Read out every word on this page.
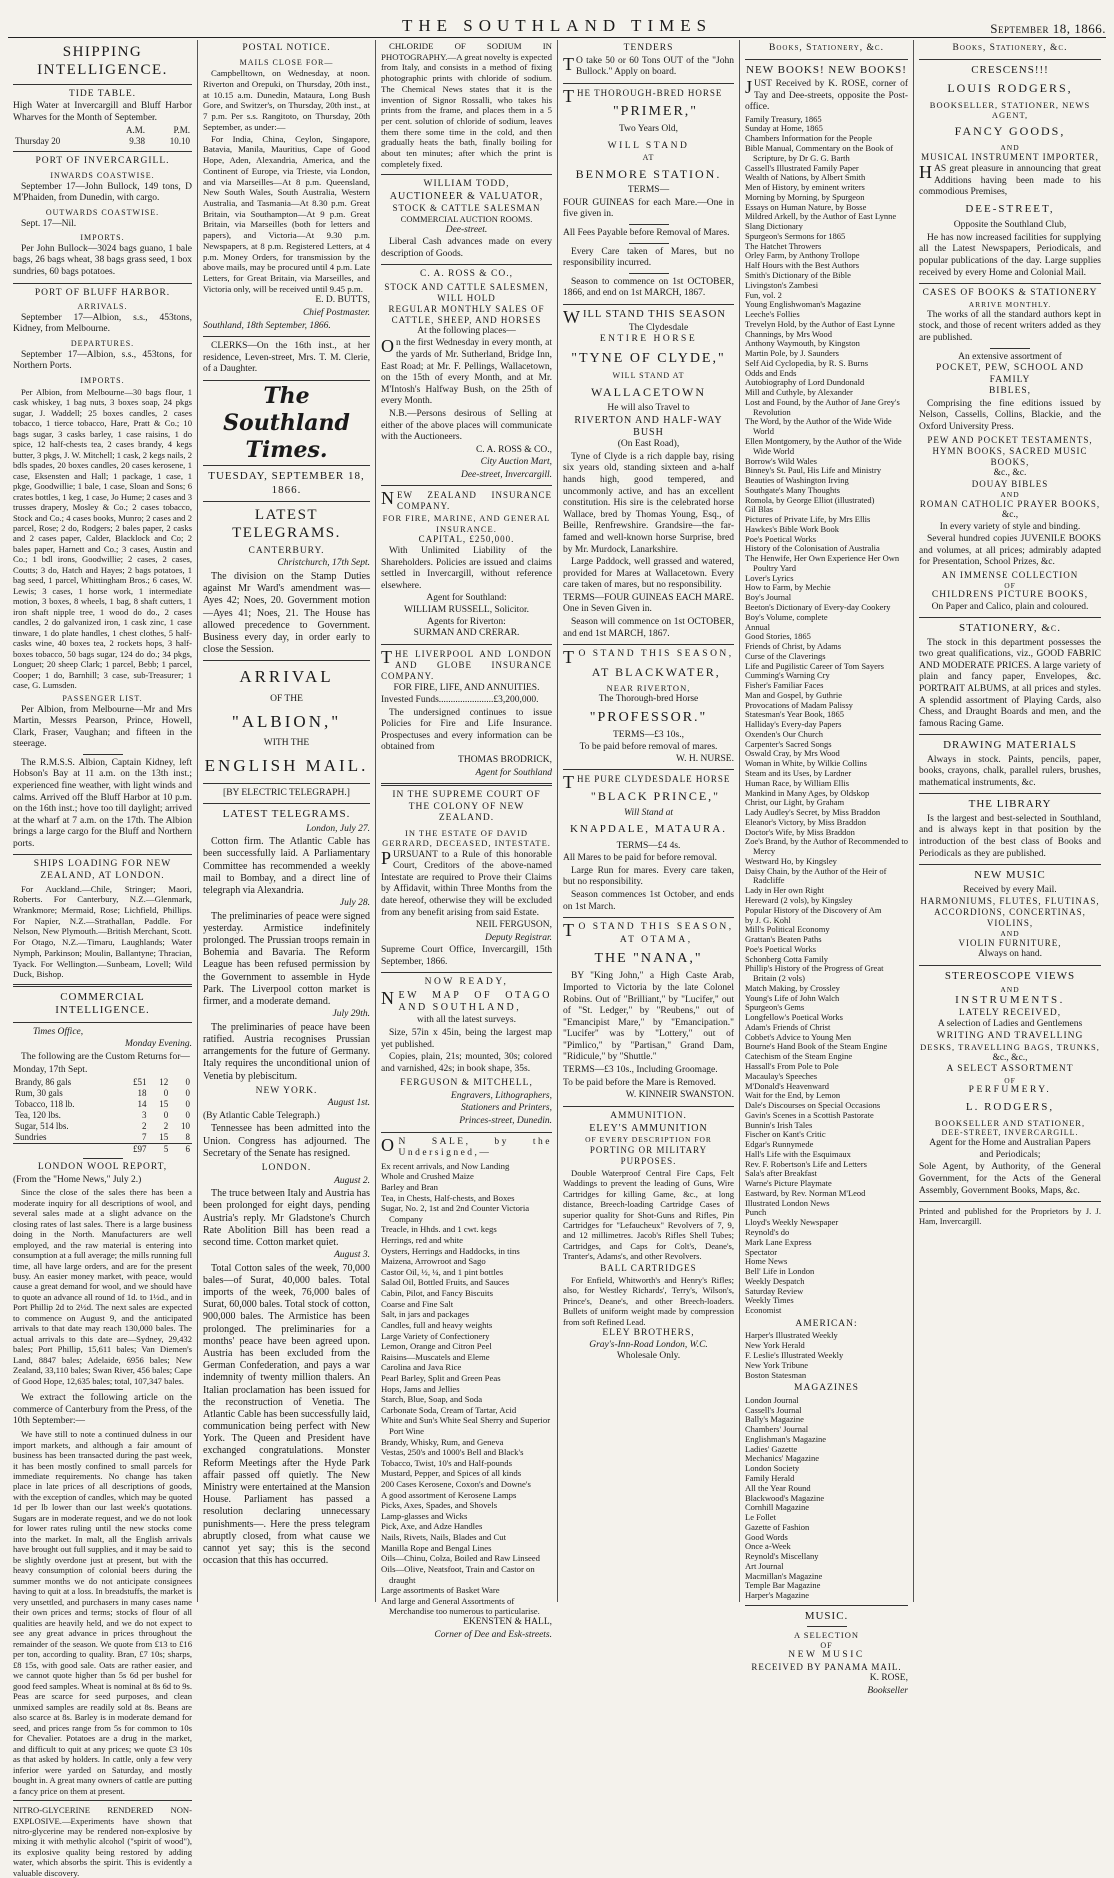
THE SOUTHLAND TIMES	September 18, 1866.
SHIPPING INTELLIGENCE.
TIDE TABLE.
High Water at Invercargill and Bluff Harbor Wharves for the Month of September.
	A.M.	P.M.
Thursday 20	9.38	10.10
PORT OF INVERCARGILL.
INWARDS COASTWISE.
September 17—John Bullock, 149 tons, D M'Phaiden, from Dunedin, with cargo.
OUTWARDS COASTWISE.
Sept. 17—Nil.
IMPORTS.
Per John Bullock—3024 bags guano, 1 bale bags, 26 bags wheat, 38 bags grass seed, 1 box sundries, 60 bags potatoes.
PORT OF BLUFF HARBOR.
ARRIVALS.
September 17—Albion, s.s., 453tons, Kidney, from Melbourne.
DEPARTURES.
September 17—Albion, s.s., 453tons, for Northern Ports.
IMPORTS.
Per Albion, from Melbourne—30 bags flour, 1 cask whiskey, 1 bag nuts, 3 boxes soap, 24 pkgs sugar, J. Waddell; 25 boxes candles, 2 cases tobacco, 1 tierce tobacco, Hare, Pratt & Co.; 10 bags sugar, 3 casks barley, 1 case raisins, 1 do spice, 12 half-chests tea, 2 cases brandy, 4 kegs butter, 3 pkgs, J. W. Mitchell; 1 cask, 2 kegs nails, 2 bdls spades, 20 boxes candles, 20 cases kerosene, 1 case, Eksensten and Hall; 1 package, 1 case, 1 pkge, Goodwillie; 1 bale, 1 case, Sloan and Sons; 6 crates bottles, 1 keg, 1 case, Jo Hume; 2 cases and 3 trusses drapery, Mosley & Co.; 2 cases tobacco, Stock and Co.; 4 cases books, Munro; 2 cases and 2 parcel, Rose; 2 do, Rodgers; 2 bales paper, 2 casks and 2 cases paper, Calder, Blacklock and Co; 2 bales paper, Harnett and Co.; 3 cases, Austin and Co.; 1 bdl irons, Goodwillie; 2 cases, 2 cases, Coutts; 3 do, Hatch and Hayes; 2 bags potatoes, 1 bag seed, 1 parcel, Whittingham Bros.; 6 cases, W. Lewis; 3 cases, 1 horse work, 1 intermediate motion, 3 boxes, 8 wheels, 1 bag, 8 shaft cutters, 1 iron shaft nipple tree, 1 wood do do., 2 cases candles, 2 do galvanized iron, 1 cask zinc, 1 case tinware, 1 do plate handles, 1 chest clothes, 5 half-casks wine, 40 boxes tea, 2 rockets hops, 3 half-boxes tobacco, 50 bags sugar, 124 do do.; 34 pkgs, Longuet; 20 sheep Clark; 1 parcel, Bebb; 1 parcel, Cooper; 1 do, Barnhill; 3 case, sub-Treasurer; 1 case, G. Lumsden.
PASSENGER LIST.
Per Albion, from Melbourne—Mr and Mrs Martin, Messrs Pearson, Prince, Howell, Clark, Fraser, Vaughan; and fifteen in the steerage.
The R.M.S.S. Albion, Captain Kidney, left Hobson's Bay at 11 a.m. on the 13th inst.; experienced fine weather, with light winds and calms. Arrived off the Bluff Harbor at 10 p.m. on the 16th inst.; hove too till daylight; arrived at the wharf at 7 a.m. on the 17th. The Albion brings a large cargo for the Bluff and Northern ports.
SHIPS LOADING FOR NEW ZEALAND, AT LONDON.
For Auckland.—Chile, Stringer; Maori, Roberts. For Canterbury, N.Z.—Glenmark, Wrankmore; Mermaid, Rose; Lichfield, Phillips. For Napier, N.Z.—Strathallan, Paddle. For Nelson, New Plymouth.—British Merchant, Scott. For Otago, N.Z.—Timaru, Laughlands; Water Nymph, Parkinson; Moulin, Ballantyne; Thracian, Tyack. For Wellington.—Sunbeam, Lovell; Wild Duck, Bishop.
COMMERCIAL INTELLIGENCE.
Times Office,
Monday Evening.
The following are the Custom Returns for—
Monday, 17th Sept.
Brandy, 86 gals	£51	12	0
Rum, 30 gals	18	0	0
Tobacco, 118 lb.	14	15	0
Tea, 120 lbs.	3	0	0
Sugar, 514 lbs.	2	2	10
Sundries	7	15	8
	£97	5	6
LONDON WOOL REPORT,
(From the "Home News," July 2.)
Since the close of the sales there has been a moderate inquiry for all descriptions of wool, and several sales made at a slight advance on the closing rates of last sales. There is a large business doing in the North. Manufacturers are well employed, and the raw material is entering into consumption at a full average; the mills running full time, all have large orders, and are for the present busy. An easier money market, with peace, would cause a great demand for wool, and we should have to quote an advance all round of 1d. to 1½d., and in Port Phillip 2d to 2½d. The next sales are expected to commence on August 9, and the anticipated arrivals to that date may reach 130,000 bales. The actual arrivals to this date are—Sydney, 29,432 bales; Port Phillip, 15,611 bales; Van Diemen's Land, 8847 bales; Adelaide, 6956 bales; New Zealand, 33,110 bales; Swan River, 456 bales; Cape of Good Hope, 12,635 bales; total, 107,347 bales.
We extract the following article on the commerce of Canterbury from the Press, of the 10th September:—
We have still to note a continued dulness in our import markets, and although a fair amount of business has been transacted during the past week, it has been mostly confined to small parcels for immediate requirements. No change has taken place in late prices of all descriptions of goods, with the exception of candles, which may be quoted 1d per lb lower than our last week's quotations. Sugars are in moderate request, and we do not look for lower rates ruling until the new stocks come into the market. In malt, all the English arrivals have brought out full supplies, and it may be said to be slightly overdone just at present, but with the heavy consumption of colonial beers during the summer months we do not anticipate consignees having to quit at a loss. In breadstuffs, the market is very unsettled, and purchasers in many cases name their own prices and terms; stocks of flour of all qualities are heavily held, and we do not expect to see any great advance in prices throughout the remainder of the season. We quote from £13 to £16 per ton, according to quality. Bran, £7 10s; sharps, £8 15s, with good sale. Oats are rather easier, and we cannot quote higher than 5s 6d per bushel for good feed samples. Wheat is nominal at 8s 6d to 9s. Peas are scarce for seed purposes, and clean unmixed samples are readily sold at 8s. Beans are also scarce at 8s. Barley is in moderate demand for seed, and prices range from 5s for common to 10s for Chevalier. Potatoes are a drug in the market, and difficult to quit at any prices; we quote £3 10s as that asked by holders. In cattle, only a few very inferior were yarded on Saturday, and mostly bought in. A great many owners of cattle are putting a fancy price on them at present.
NITRO-GLYCERINE RENDERED NON-EXPLOSIVE.—Experiments have shown that nitro-glycerine may be rendered non-explosive by mixing it with methylic alcohol ("spirit of wood"), its explosive quality being restored by adding water, which absorbs the spirit. This is evidently a valuable discovery.
POSTAL NOTICE.
MAILS CLOSE FOR—
Campbelltown, on Wednesday, at noon. Riverton and Orepuki, on Thursday, 20th inst., at 10.15 a.m. Dunedin, Mataura, Long Bush Gore, and Switzer's, on Thursday, 20th inst., at 7 p.m. Per s.s. Rangitoto, on Thursday, 20th September, as under:—
For India, China, Ceylon, Singapore, Batavia, Manila, Mauritius, Cape of Good Hope, Aden, Alexandria, America, and the Continent of Europe, via Trieste, via London, and via Marseilles—At 8 p.m. Queensland, New South Wales, South Australia, Western Australia, and Tasmania—At 8.30 p.m. Great Britain, via Southampton—At 9 p.m. Great Britain, via Marseilles (both for letters and papers), and Victoria—At 9.30 p.m. Newspapers, at 8 p.m. Registered Letters, at 4 p.m. Money Orders, for transmission by the above mails, may be procured until 4 p.m. Late Letters, for Great Britain, via Marseilles, and Victoria only, will be received until 9.45 p.m.
E. D. BUTTS,
Chief Postmaster.
Southland, 18th September, 1866.
CLERKS—On the 16th inst., at her residence, Leven-street, Mrs. T. M. Clerie, of a Daughter.
The Southland Times.
TUESDAY, SEPTEMBER 18, 1866.
LATEST TELEGRAMS.
CANTERBURY.
Christchurch, 17th Sept.
The division on the Stamp Duties against Mr Ward's amendment was—Ayes 42; Noes, 20. Government motion—Ayes 41; Noes, 21. The House has allowed precedence to Government. Business every day, in order early to close the Session.
ARRIVAL
OF THE
"ALBION,"
WITH THE
ENGLISH MAIL.
[BY ELECTRIC TELEGRAPH.]
LATEST TELEGRAMS.
London, July 27.
Cotton firm. The Atlantic Cable has been successfully laid. A Parliamentary Committee has recommended a weekly mail to Bombay, and a direct line of telegraph via Alexandria.
July 28.
The preliminaries of peace were signed yesterday. Armistice indefinitely prolonged. The Prussian troops remain in Bohemia and Bavaria. The Reform League has been refused permission by the Government to assemble in Hyde Park. The Liverpool cotton market is firmer, and a moderate demand.
July 29th.
The preliminaries of peace have been ratified. Austria recognises Prussian arrangements for the future of Germany. Italy requires the unconditional union of Venetia by plebiscitum.
NEW YORK.
August 1st.
(By Atlantic Cable Telegraph.)
Tennessee has been admitted into the Union. Congress has adjourned. The Secretary of the Senate has resigned.
LONDON.
August 2.
The truce between Italy and Austria has been prolonged for eight days, pending Austria's reply. Mr Gladstone's Church Rate Abolition Bill has been read a second time. Cotton market quiet.
August 3.
Total Cotton sales of the week, 70,000 bales—of Surat, 40,000 bales. Total imports of the week, 76,000 bales of Surat, 60,000 bales. Total stock of cotton, 900,000 bales. The Armistice has been prolonged. The preliminaries for a months' peace have been agreed upon. Austria has been excluded from the German Confederation, and pays a war indemnity of twenty million thalers. An Italian proclamation has been issued for the reconstruction of Venetia. The Atlantic Cable has been successfully laid, communication being perfect with New York. The Queen and President have exchanged congratulations. Monster Reform Meetings after the Hyde Park affair passed off quietly. The New Ministry were entertained at the Mansion House. Parliament has passed a resolution declaring unnecessary punishments—. Here the press telegram abruptly closed, from what cause we cannot yet say; this is the second occasion that this has occurred.
CHLORIDE OF SODIUM IN PHOTOGRAPHY.—A great novelty is expected from Italy, and consists in a method of fixing photographic prints with chloride of sodium. The Chemical News states that it is the invention of Signor Rossalli, who takes his prints from the frame, and places them in a 5 per cent. solution of chloride of sodium, leaves them there some time in the cold, and then gradually heats the bath, finally boiling for about ten minutes; after which the print is completely fixed.
WILLIAM TODD,
AUCTIONEER & VALUATOR,
STOCK & CATTLE SALESMAN
COMMERCIAL AUCTION ROOMS.
Dee-street.
Liberal Cash advances made on every description of Goods.
C. A. ROSS & CO.,
STOCK AND CATTLE SALESMEN, WILL HOLD
REGULAR MONTHLY SALES OF CATTLE, SHEEP, AND HORSES
At the following places—
On the first Wednesday in every month, at the yards of Mr. Sutherland, Bridge Inn, East Road; at Mr. F. Pellings, Wallacetown, on the 15th of every Month, and at Mr. M'Intosh's Halfway Bush, on the 25th of every Month.
N.B.—Persons desirous of Selling at either of the above places will communicate with the Auctioneers.
C. A. ROSS & CO.,
City Auction Mart,
Dee-street, Invercargill.
NEW ZEALAND INSURANCE COMPANY.
FOR FIRE, MARINE, AND GENERAL INSURANCE.
CAPITAL, £250,000.
With Unlimited Liability of the Shareholders. Policies are issued and claims settled in Invercargill, without reference elsewhere.
Agent for Southland:
WILLIAM RUSSELL, Solicitor.
Agents for Riverton:
SURMAN AND CRERAR.
THE LIVERPOOL AND LONDON AND GLOBE INSURANCE COMPANY.
FOR FIRE, LIFE, AND ANNUITIES.
Invested Funds.......................£3,200,000.
The undersigned continues to issue Policies for Fire and Life Insurance. Prospectuses and every information can be obtained from
THOMAS BRODRICK,
Agent for Southland
IN THE SUPREME COURT OF THE COLONY OF NEW ZEALAND.
IN THE ESTATE OF DAVID GERRARD, DECEASED, INTESTATE.
PURSUANT to a Rule of this honorable Court, Creditors of the above-named Intestate are required to Prove their Claims by Affidavit, within Three Months from the date hereof, otherwise they will be excluded from any benefit arising from said Estate.
NEIL FERGUSON,
Deputy Registrar.
Supreme Court Office, Invercargill, 15th September, 1866.
NOW READY,
NEW MAP OF OTAGO AND SOUTHLAND,
with all the latest surveys.
Size, 57in x 45in, being the largest map yet published.
Copies, plain, 21s; mounted, 30s; colored and varnished, 42s; in book shape, 35s.
FERGUSON & MITCHELL,
Engravers, Lithographers,
Stationers and Printers,
Princes-street, Dunedin.
ON SALE, by the Undersigned,—
Ex recent arrivals, and Now Landing
Whole and Crushed Maize
Barley and Bran
Tea, in Chests, Half-chests, and Boxes
Sugar, No. 2, 1st and 2nd Counter Victoria Company
Treacle, in Hhds. and 1 cwt. kegs
Herrings, red and white
Oysters, Herrings and Haddocks, in tins
Maizena, Arrowroot and Sago
Castor Oil, ½, ¼, and 1 pint bottles
Salad Oil, Bottled Fruits, and Sauces
Cabin, Pilot, and Fancy Biscuits
Coarse and Fine Salt
Salt, in jars and packages
Candles, full and heavy weights
Large Variety of Confectionery
Lemon, Orange and Citron Peel
Raisins—Muscatels and Eleme
Carolina and Java Rice
Pearl Barley, Split and Green Peas
Hops, Jams and Jellies
Starch, Blue, Soap, and Soda
Carbonate Soda, Cream of Tartar, Acid
White and Sun's White Seal Sherry and Superior Port Wine
Brandy, Whisky, Rum, and Geneva
Vestas, 250's and 1000's Bell and Black's
Tobacco, Twist, 10's and Half-pounds
Mustard, Pepper, and Spices of all kinds
200 Cases Kerosene, Coxon's and Downe's
A good assortment of Kerosene Lamps
Picks, Axes, Spades, and Shovels
Lamp-glasses and Wicks
Pick, Axe, and Adze Handles
Nails, Rivets, Nails, Blades and Cut
Manilla Rope and Bengal Lines
Oils—Chinu, Colza, Boiled and Raw Linseed
Oils—Olive, Neatsfoot, Train and Castor on draught
Large assortments of Basket Ware
And large and General Assortments of Merchandise too numerous to particularise.
EKENSTEN & HALL,
Corner of Dee and Esk-streets.
TENDERS
TO take 50 or 60 Tons OUT of the "John Bullock." Apply on board.
THE THOROUGH-BRED HORSE
"PRIMER,"
Two Years Old,
WILL STAND
AT
BENMORE STATION.
TERMS—
FOUR GUINEAS for each Mare.—One in five given in.
All Fees Payable before Removal of Mares.
Every Care taken of Mares, but no responsibility incurred.
Season to commence on 1st OCTOBER, 1866, and end on 1st MARCH, 1867.
WILL STAND THIS SEASON
The Clydesdale
ENTIRE HORSE
"TYNE OF CLYDE,"
WILL STAND AT
WALLACETOWN
He will also Travel to
RIVERTON AND HALF-WAY BUSH
(On East Road),
Tyne of Clyde is a rich dapple bay, rising six years old, standing sixteen and a-half hands high, good tempered, and uncommonly active, and has an excellent constitution. His sire is the celebrated horse Wallace, bred by Thomas Young, Esq., of Beille, Renfrewshire. Grandsire—the far-famed and well-known horse Surprise, bred by Mr. Murdock, Lanarkshire.
Large Paddock, well grassed and watered, provided for Mares at Wallacetown. Every care taken of mares, but no responsibility.
TERMS—FOUR GUINEAS EACH MARE. One in Seven Given in.
Season will commence on 1st OCTOBER, and end 1st MARCH, 1867.
TO STAND THIS SEASON,
AT BLACKWATER,
NEAR RIVERTON,
The Thorough-bred Horse
"PROFESSOR."
TERMS—£3 10s.,
To be paid before removal of mares.
W. H. NURSE.
THE PURE CLYDESDALE HORSE
"BLACK PRINCE,"
Will Stand at
KNAPDALE, MATAURA.
TERMS—£4 4s.
All Mares to be paid for before removal.
Large Run for mares. Every care taken, but no responsibility.
Season commences 1st October, and ends on 1st March.
TO STAND THIS SEASON,
AT OTAMA,
THE "NANA,"
BY "King John," a High Caste Arab, Imported to Victoria by the late Colonel Robins. Out of "Brilliant," by "Lucifer," out of "St. Ledger," by "Reubens," out of "Emancipist Mare," by "Emancipation." "Lucifer" was by "Lottery," out of "Pimlico," by "Partisan," Grand Dam, "Ridicule," by "Shuttle."
TERMS—£3 10s., Including Groomage.
To be paid before the Mare is Removed.
W. KINNEIR SWANSTON.
AMMUNITION.
ELEY'S AMMUNITION
OF EVERY DESCRIPTION FOR
PORTING OR MILITARY PURPOSES.
Double Waterproof Central Fire Caps, Felt Waddings to prevent the leading of Guns, Wire Cartridges for killing Game, &c., at long distance, Breech-loading Cartridge Cases of superior quality for Shot-Guns and Rifles, Pin Cartridges for "Lefaucheux" Revolvers of 7, 9, and 12 millimetres. Jacob's Rifles Shell Tubes; Cartridges, and Caps for Colt's, Deane's, Tranter's, Adams's, and other Revolvers.
BALL CARTRIDGES
For Enfield, Whitworth's and Henry's Rifles; also, for Westley Richards', Terry's, Wilson's, Prince's, Deane's, and other Breech-loaders. Bullets of uniform weight made by compression from soft Refined Lead.
ELEY BROTHERS,
Gray's-Inn-Road London, W.C.
Wholesale Only.
Books, Stationery, &c.
NEW BOOKS! NEW BOOKS!
JUST Received by K. ROSE, corner of Tay and Dee-streets, opposite the Post-office.
Family Treasury, 1865
Sunday at Home, 1865
Chambers Information for the People
Bible Manual, Commentary on the Book of Scripture, by Dr G. G. Barth
Cassell's Illustrated Family Paper
Wealth of Nations, by Albert Smith
Men of History, by eminent writers
Morning by Morning, by Spurgeon
Essays on Human Nature, by Bosse
Mildred Arkell, by the Author of East Lynne
Slang Dictionary
Spurgeon's Sermons for 1865
The Hatchet Throwers
Orley Farm, by Anthony Trollope
Half Hours with the Best Authors
Smith's Dictionary of the Bible
Livingston's Zambesi
Fun, vol. 2
Young Englishwoman's Magazine
Leeche's Follies
Trevelyn Hold, by the Author of East Lynne
Channings, by Mrs Wood
Anthony Waymouth, by Kingston
Martin Pole, by J. Saunders
Self Aid Cyclopedia, by R. S. Burns
Odds and Ends
Autobiography of Lord Dundonald
Mill and Cuthyle, by Alexander
Lost and Found, by the Author of Jane Grey's Revolution
The Word, by the Author of the Wide Wide World
Ellen Montgomery, by the Author of the Wide Wide World
Borrow's Wild Wales
Binney's St. Paul, His Life and Ministry
Beauties of Washington Irving
Southgate's Many Thoughts
Romola, by George Elliot (illustrated)
Gil Blas
Pictures of Private Life, by Mrs Ellis
Hawkes's Bible Work Book
Poe's Poetical Works
History of the Colonisation of Australia
The Henwife, Her Own Experience Her Own Poultry Yard
Lover's Lyrics
How to Farm, by Mechie
Boy's Journal
Beeton's Dictionary of Every-day Cookery
Boy's Volume, complete
Annual
Good Stories, 1865
Friends of Christ, by Adams
Curse of the Claverings
Life and Pugilistic Career of Tom Sayers
Cumming's Warning Cry
Fisher's Familiar Faces
Man and Gospel, by Guthrie
Provocations of Madam Palissy
Statesman's Year Book, 1865
Halliday's Every-day Papers
Oxenden's Our Church
Carpenter's Sacred Songs
Oswald Cray, by Mrs Wood
Woman in White, by Wilkie Collins
Steam and its Uses, by Lardner
Human Race, by William Ellis
Mankind in Many Ages, by Oldskop
Christ, our Light, by Graham
Lady Audley's Secret, by Miss Braddon
Eleanor's Victory, by Miss Braddon
Doctor's Wife, by Miss Braddon
Zoe's Brand, by the Author of Recommended to Mercy
Westward Ho, by Kingsley
Daisy Chain, by the Author of the Heir of Radcliffe
Lady in Her own Right
Hereward (2 vols), by Kingsley
Popular History of the Discovery of Am
by J. G. Kohl
Mill's Political Economy
Grattan's Beaten Paths
Poe's Poetical Works
Schonberg Cotta Family
Phillip's History of the Progress of Great Britain (2 vols)
Match Making, by Crossley
Young's Life of John Walch
Spurgeon's Gems
Longfellow's Poetical Works
Adam's Friends of Christ
Cobbet's Advice to Young Men
Bourne's Hand Book of the Steam Engine
Catechism of the Steam Engine
Hassall's From Pole to Pole
Macaulay's Speeches
M'Donald's Heavenward
Wait for the End, by Lemon
Dale's Discourses on Special Occasions
Gavin's Scenes in a Scottish Pastorate
Bunnin's Irish Tales
Fischer on Kant's Critic
Edgar's Runnymede
Hall's Life with the Esquimaux
Rev. F. Robertson's Life and Letters
Sala's after Breakfast
Warne's Picture Playmate
Eastward, by Rev. Norman M'Leod
Illustrated London News
Punch
Lloyd's Weekly Newspaper
Reynold's do
Mark Lane Express
Spectator
Home News
Bell' Life in London
Weekly Despatch
Saturday Review
Weekly Times
Economist
AMERICAN:
Harper's Illustrated Weekly
New York Herald
F. Leslie's Illustrated Weekly
New York Tribune
Boston Statesman
MAGAZINES
London Journal
Cassell's Journal
Bally's Magazine
Chambers' Journal
Englishman's Magazine
Ladies' Gazette
Mechanics' Magazine
London Society
Family Herald
All the Year Round
Blackwood's Magazine
Cornhill Magazine
Le Follet
Gazette of Fashion
Good Words
Once a-Week
Reynold's Miscellany
Art Journal
Macmillan's Magazine
Temple Bar Magazine
Harper's Magazine
MUSIC.
A SELECTION
OF
NEW MUSIC
RECEIVED BY PANAMA MAIL.
K. ROSE,
Bookseller
Books, Stationery, &c.
CRESCENS!!!
LOUIS RODGERS,
BOOKSELLER, STATIONER, NEWS AGENT,
FANCY GOODS,
AND
MUSICAL INSTRUMENT IMPORTER,
HAS great pleasure in announcing that great Additions having been made to his commodious Premises,
DEE-STREET,
Opposite the Southland Club,
He has now increased facilities for supplying all the Latest Newspapers, Periodicals, and popular publications of the day. Large supplies received by every Home and Colonial Mail.
CASES OF BOOKS & STATIONERY
ARRIVE MONTHLY.
The works of all the standard authors kept in stock, and those of recent writers added as they are published.
An extensive assortment of
POCKET, PEW, SCHOOL AND FAMILY
BIBLES,
Comprising the fine editions issued by Nelson, Cassells, Collins, Blackie, and the Oxford University Press.
PEW AND POCKET TESTAMENTS,
HYMN BOOKS, SACRED MUSIC BOOKS,
&c., &c.
DOUAY BIBLES
AND
ROMAN CATHOLIC PRAYER BOOKS,
&c.,
In every variety of style and binding.
Several hundred copies JUVENILE BOOKS and volumes, at all prices; admirably adapted for Presentation, School Prizes, &c.
AN IMMENSE COLLECTION
OF
CHILDRENS PICTURE BOOKS,
On Paper and Calico, plain and coloured.
STATIONERY, &c.
The stock in this department possesses the two great qualifications, viz., GOOD FABRIC AND MODERATE PRICES. A large variety of plain and fancy paper, Envelopes, &c. PORTRAIT ALBUMS, at all prices and styles. A splendid assortment of Playing Cards, also Chess, and Draught Boards and men, and the famous Racing Game.
DRAWING MATERIALS
Always in stock. Paints, pencils, paper, books, crayons, chalk, parallel rulers, brushes, mathematical instruments, &c.
THE LIBRARY
Is the largest and best-selected in Southland, and is always kept in that position by the introduction of the best class of Books and Periodicals as they are published.
NEW MUSIC
Received by every Mail.
HARMONIUMS, FLUTES, FLUTINAS,
ACCORDIONS, CONCERTINAS, VIOLINS,
AND
VIOLIN FURNITURE,
Always on hand.
STEREOSCOPE VIEWS
AND
INSTRUMENTS.
LATELY RECEIVED,
A selection of Ladies and Gentlemens
WRITING AND TRAVELLING
DESKS, TRAVELLING BAGS, TRUNKS,
&c., &c.,
A SELECT ASSORTMENT
OF
PERFUMERY.
L. RODGERS,
BOOKSELLER AND STATIONER,
DEE-STREET, INVERCARGILL.
Agent for the Home and Australian Papers
and Periodicals;
Sole Agent, by Authority, of the General Government, for the Acts of the General Assembly, Government Books, Maps, &c.
Printed and published for the Proprietors by J. J. Ham, Invercargill.
